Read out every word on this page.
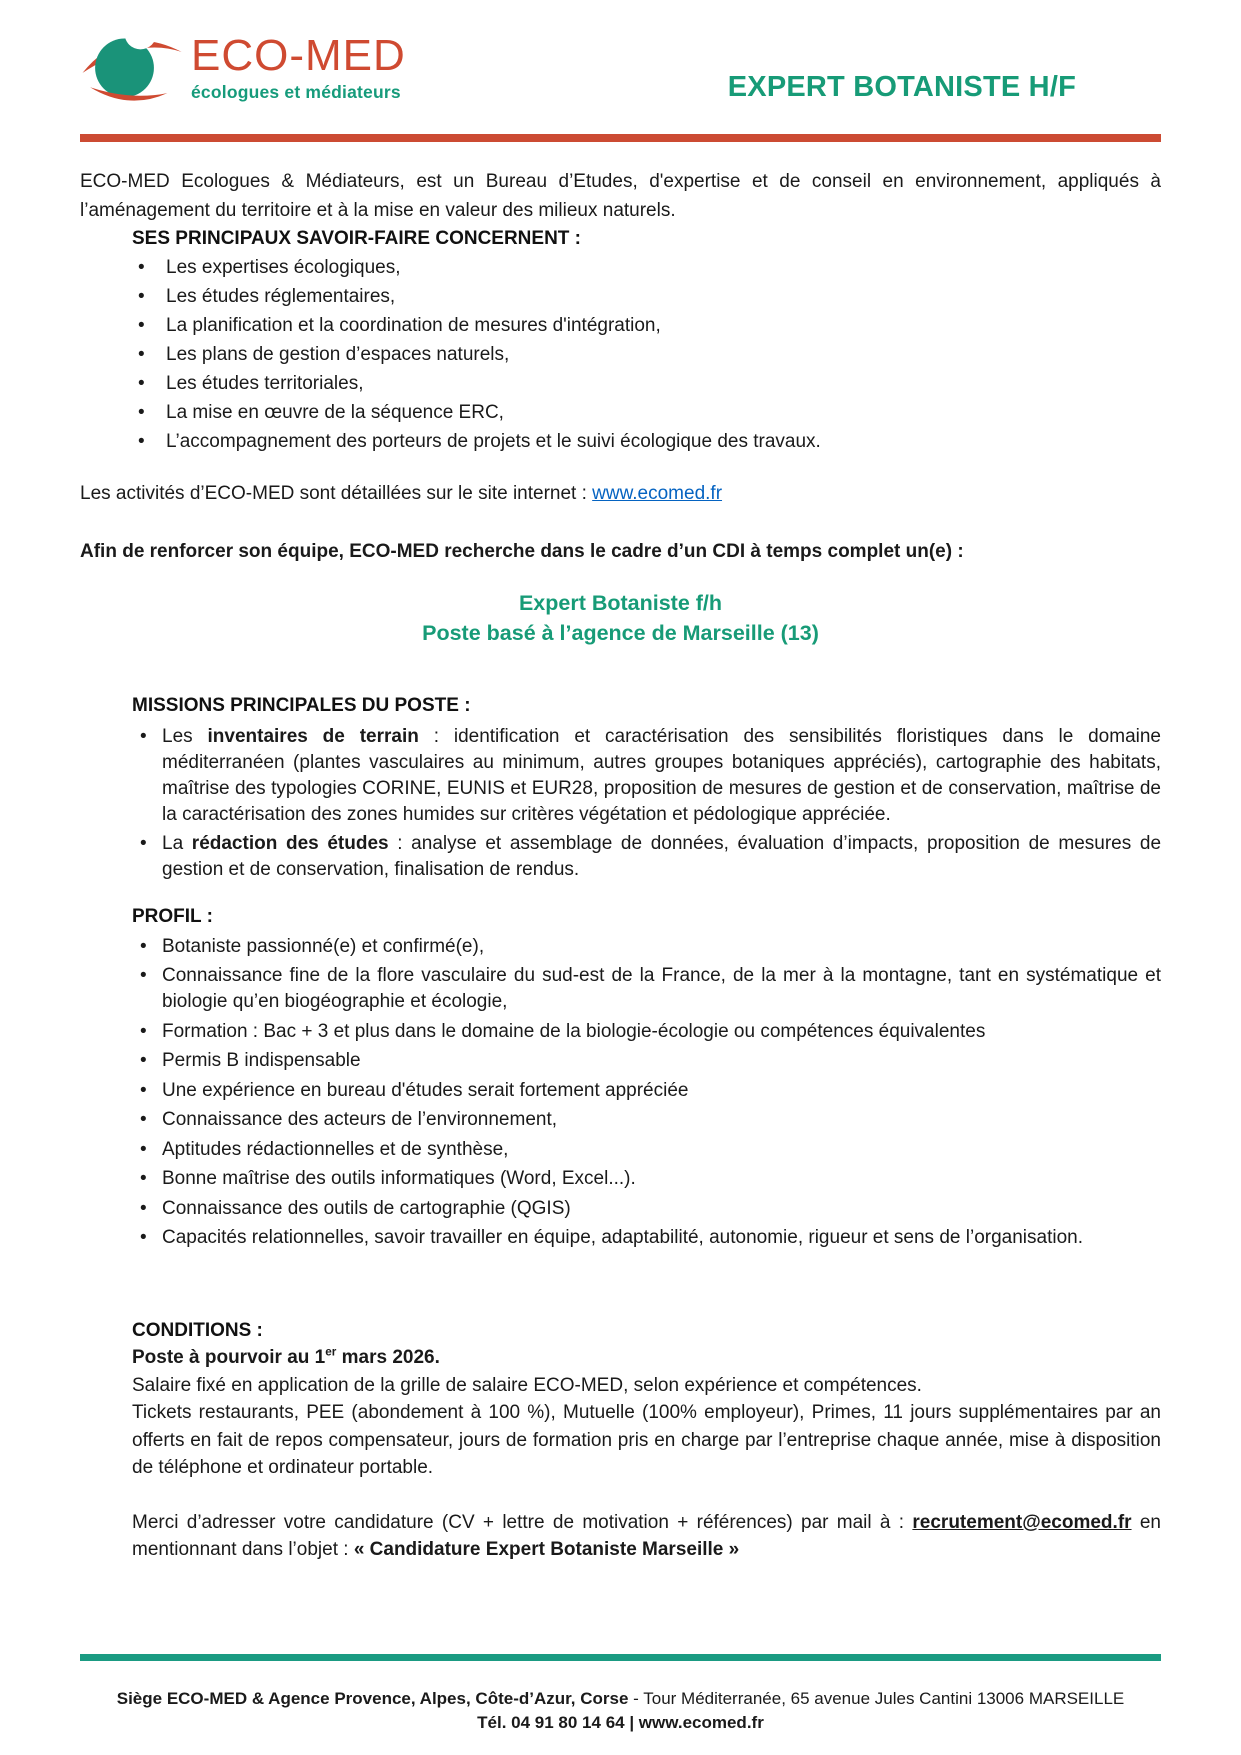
ECO-MED
écologues et médiateurs	EXPERT BOTANISTE H/F

ECO-MED Ecologues & Médiateurs, est un Bureau d’Etudes, d'expertise et de conseil en environnement, appliqués à l’aménagement du territoire et à la mise en valeur des milieux naturels.

SES PRINCIPAUX SAVOIR-FAIRE CONCERNENT :
• Les expertises écologiques,
• Les études réglementaires,
• La planification et la coordination de mesures d'intégration,
• Les plans de gestion d’espaces naturels,
• Les études territoriales,
• La mise en œuvre de la séquence ERC,
• L’accompagnement des porteurs de projets et le suivi écologique des travaux.

Les activités d’ECO-MED sont détaillées sur le site internet : www.ecomed.fr

Afin de renforcer son équipe, ECO-MED recherche dans le cadre d’un CDI à temps complet un(e) :

Expert Botaniste f/h

Poste basé à l’agence de Marseille (13)

MISSIONS PRINCIPALES DU POSTE :
• Les inventaires de terrain : identification et caractérisation des sensibilités floristiques dans le domaine méditerranéen (plantes vasculaires au minimum, autres groupes botaniques appréciés), cartographie des habitats, maîtrise des typologies CORINE, EUNIS et EUR28, proposition de mesures de gestion et de conservation, maîtrise de la caractérisation des zones humides sur critères végétation et pédologique appréciée.
• La rédaction des études : analyse et assemblage de données, évaluation d’impacts, proposition de mesures de gestion et de conservation, finalisation de rendus.
PROFIL :
• Botaniste passionné(e) et confirmé(e),
• Connaissance fine de la flore vasculaire du sud-est de la France, de la mer à la montagne, tant en systématique et biologie qu’en biogéographie et écologie,
• Formation : Bac + 3 et plus dans le domaine de la biologie-écologie ou compétences équivalentes
• Permis B indispensable
• Une expérience en bureau d'études serait fortement appréciée
• Connaissance des acteurs de l’environnement,
• Aptitudes rédactionnelles et de synthèse,
• Bonne maîtrise des outils informatiques (Word, Excel...).
• Connaissance des outils de cartographie (QGIS)
• Capacités relationnelles, savoir travailler en équipe, adaptabilité, autonomie, rigueur et sens de l’organisation.
CONDITIONS :

Poste à pourvoir au 1er mars 2026.

Salaire fixé en application de la grille de salaire ECO-MED, selon expérience et compétences.

Tickets restaurants, PEE (abondement à 100 %), Mutuelle (100% employeur), Primes, 11 jours supplémentaires par an offerts en fait de repos compensateur, jours de formation pris en charge par l’entreprise chaque année, mise à disposition de téléphone et ordinateur portable.

Merci d’adresser votre candidature (CV + lettre de motivation + références) par mail à : recrutement@ecomed.fr en mentionnant dans l’objet : « Candidature Expert Botaniste Marseille »

Siège ECO-MED & Agence Provence, Alpes, Côte-d’Azur, Corse - Tour Méditerranée, 65 avenue Jules Cantini 13006 MARSEILLE

Tél. 04 91 80 14 64 | www.ecomed.fr
